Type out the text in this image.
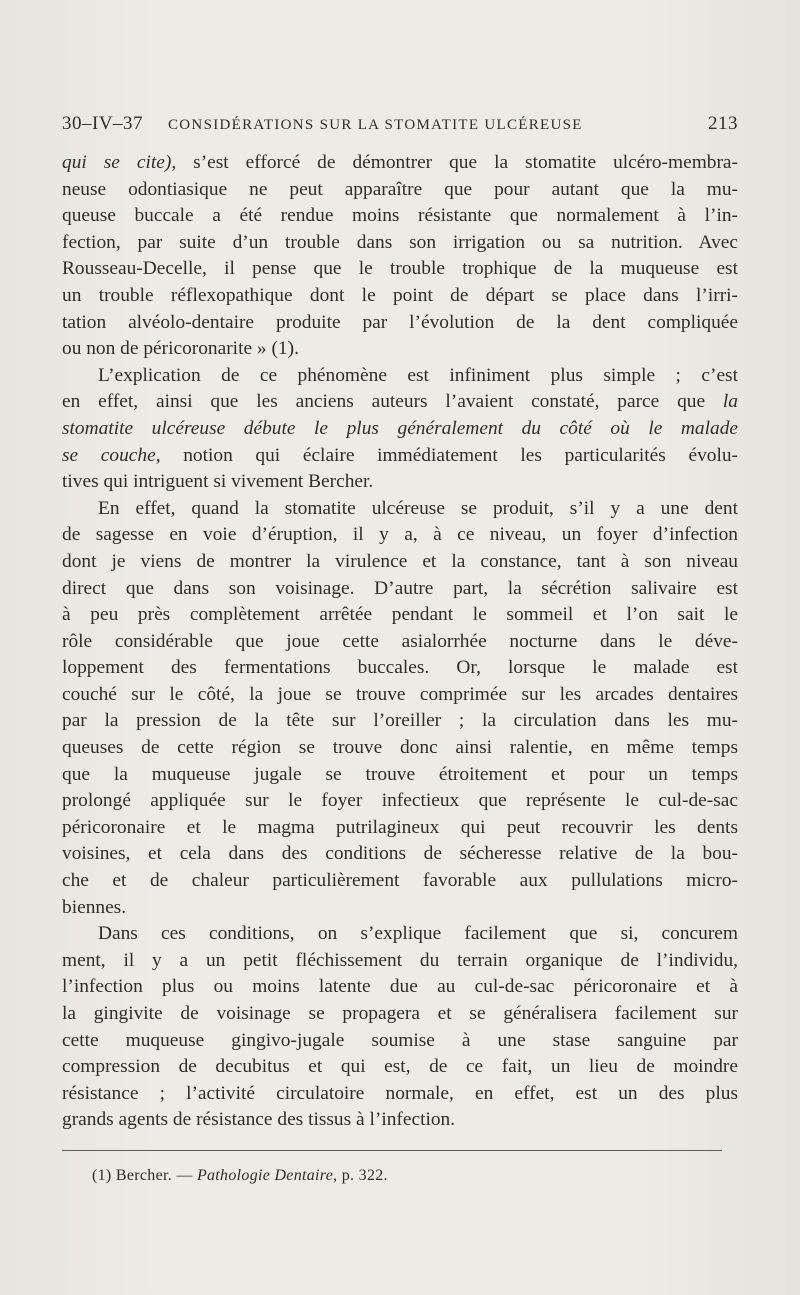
30–IV–37 CONSIDÉRATIONS SUR LA STOMATITE ULCÉREUSE	213
qui se cite), s’est efforcé de démontrer que la stomatite ulcéro-membra-
neuse odontiasique ne peut apparaître que pour autant que la mu-
queuse buccale a été rendue moins résistante que normalement à l’in-
fection, par suite d’un trouble dans son irrigation ou sa nutrition. Avec
Rousseau-Decelle, il pense que le trouble trophique de la muqueuse est
un trouble réflexopathique dont le point de départ se place dans l’irri-
tation alvéolo-dentaire produite par l’évolution de la dent compliquée
ou non de péricoronarite » (1).
L’explication de ce phénomène est infiniment plus simple ; c’est
en effet, ainsi que les anciens auteurs l’avaient constaté, parce que la
stomatite ulcéreuse débute le plus généralement du côté où le malade
se couche, notion qui éclaire immédiatement les particularités évolu-
tives qui intriguent si vivement Bercher.
En effet, quand la stomatite ulcéreuse se produit, s’il y a une dent
de sagesse en voie d’éruption, il y a, à ce niveau, un foyer d’infection
dont je viens de montrer la virulence et la constance, tant à son niveau
direct que dans son voisinage. D’autre part, la sécrétion salivaire est
à peu près complètement arrêtée pendant le sommeil et l’on sait le
rôle considérable que joue cette asialorrhée nocturne dans le déve-
loppement des fermentations buccales. Or, lorsque le malade est
couché sur le côté, la joue se trouve comprimée sur les arcades dentaires
par la pression de la tête sur l’oreiller ; la circulation dans les mu-
queuses de cette région se trouve donc ainsi ralentie, en même temps
que la muqueuse jugale se trouve étroitement et pour un temps
prolongé appliquée sur le foyer infectieux que représente le cul-de-sac
péricoronaire et le magma putrilagineux qui peut recouvrir les dents
voisines, et cela dans des conditions de sécheresse relative de la bou-
che et de chaleur particulièrement favorable aux pullulations micro-
biennes.
Dans ces conditions, on s’explique facilement que si, concurem
ment, il y a un petit fléchissement du terrain organique de l’individu,
l’infection plus ou moins latente due au cul-de-sac péricoronaire et à
la gingivite de voisinage se propagera et se généralisera facilement sur
cette muqueuse gingivo-jugale soumise à une stase sanguine par
compression de decubitus et qui est, de ce fait, un lieu de moindre
résistance ; l’activité circulatoire normale, en effet, est un des plus
grands agents de résistance des tissus à l’infection.
(1) Bercher. — Pathologie Dentaire, p. 322.
